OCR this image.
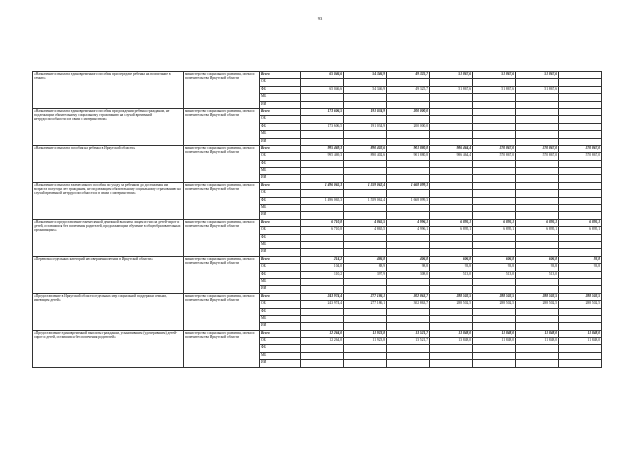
93
«Назначение и выплата единовременного пособия при передаче ребенка на воспитание в семью»	министерство социального развития, опеки и попечительства Иркутской области	Всего	65 046,6	54 346,9	49 325,7	51 867,6	51 867,6	51 867,6	
		ОБ							
		ФБ	65 046,6	54 346,9	49 325,7	51 867,6	51 867,6	51 867,6	
		МБ							
		ИИ							
«Назначение и выплата единовременного пособия при рождении ребенка гражданам, не подлежащим обязательному социальному страхованию на случай временной нетрудоспособности и в связи с материнством»	министерство социального развития, опеки и попечительства Иркутской области	Всего	173 606,5	191 034,9	200 000,0				
		ОБ							
		ФБ	173 606,5	191 034,9	200 000,0				
		МБ							
		ИИ							
«Назначение и выплата пособия на ребенка в Иркутской области»	министерство социального развития, опеки и попечительства Иркутской области	Всего	995 469,3	890 402,6	901 880,8	986 464,4	570 867,0	570 867,0	570 867,0
		ОБ	995 469,3	890 402,6	901 880,8	986 464,4	570 867,0	570 867,0	570 867,0
		ФБ							
		МБ							
		ИИ							
«Назначение и выплата ежемесячного пособия по уходу за ребенком до достижения им возраста полутора лет гражданам, не подлежащим обязательному социальному страхованию на случай временной нетрудоспособности и в связи с материнством»	министерство социального развития, опеки и попечительства Иркутской области	Всего	1 496 065,3	1 559 062,4	1 668 099,3				
		ОБ							
		ФБ	1 496 065,3	1 559 062,4	1 668 099,3				
		МБ							
		ИИ							
«Назначение и предоставление ежемесячной денежной выплаты лицам из числа детей-сирот и детей, оставшихся без попечения родителей, продолжающим обучение в общеобразовательных организациях»	министерство социального развития, опеки и попечительства Иркутской области	Всего	6 710,8	4 865,5	4 996,1	6 895,1	6 895,1	6 895,1	6 895,1
		ОБ	6 710,8	4 865,5	4 996,1	6 895,1	6 895,1	6 895,1	6 895,1
		ФБ							
		МБ							
		ИИ							
«Перевозка отдельных категорий несовершеннолетних в Иркутской области»	министерство социального развития, опеки и попечительства Иркутской области	Всего	214,2	486,8	406,8	606,8	606,8	606,8	93,8
		ОБ	104,0	88,9	98,8	93,8	93,8	93,8	93,8
		ФБ	110,2	397,9	308,0	513,0	513,0	513,0	
		МБ							
		ИИ							
«Предоставление в Иркутской области отдельных мер социальной поддержки семьям, имеющим детей»	министерство социального развития, опеки и попечительства Иркутской области	Всего	243 974,4	277 186,1	302 863,7	288 502,5	288 502,5	288 502,5	288 502,5
		ОБ	243 974,4	277 186,1	302 863,7	288 502,5	288 502,5	288 502,5	288 502,5
		ФБ							
		МБ							
		ИИ							
«Предоставление единовременной выплаты гражданам, усыновившим (удочерившим) детей-сирот и детей, оставшихся без попечения родителей»	министерство социального развития, опеки и попечительства Иркутской области	Всего	12 264,0	11 923,8	13 521,7	13 848,0	11 848,0	11 848,0	11 848,0
		ОБ	12 264,0	11 923,8	13 521,7	13 848,0	11 848,0	11 848,0	11 848,0
		ФБ							
		МБ							
		ИИ							
